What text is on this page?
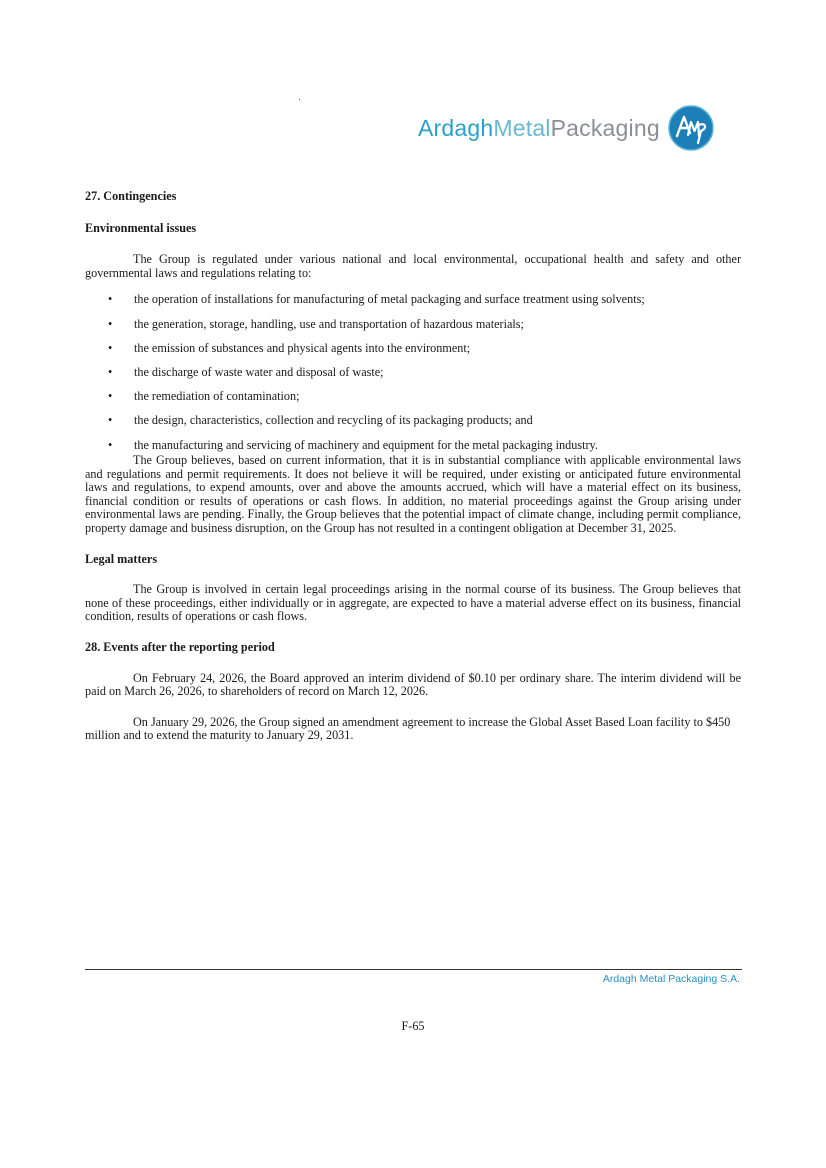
ArdaghMetalPackaging

27. Contingencies

Environmental issues

The Group is regulated under various national and local environmental, occupational health and safety and other governmental laws and regulations relating to:

• the operation of installations for manufacturing of metal packaging and surface treatment using solvents;
• the generation, storage, handling, use and transportation of hazardous materials;
• the emission of substances and physical agents into the environment;
• the discharge of waste water and disposal of waste;
• the remediation of contamination;
• the design, characteristics, collection and recycling of its packaging products; and
• the manufacturing and servicing of machinery and equipment for the metal packaging industry.

The Group believes, based on current information, that it is in substantial compliance with applicable environmental laws and regulations and permit requirements. It does not believe it will be required, under existing or anticipated future environmental laws and regulations, to expend amounts, over and above the amounts accrued, which will have a material effect on its business, financial condition or results of operations or cash flows. In addition, no material proceedings against the Group arising under environmental laws are pending. Finally, the Group believes that the potential impact of climate change, including permit compliance, property damage and business disruption, on the Group has not resulted in a contingent obligation at December 31, 2025.

Legal matters

The Group is involved in certain legal proceedings arising in the normal course of its business. The Group believes that none of these proceedings, either individually or in aggregate, are expected to have a material adverse effect on its business, financial condition, results of operations or cash flows.

28. Events after the reporting period

On February 24, 2026, the Board approved an interim dividend of $0.10 per ordinary share. The interim dividend will be paid on March 26, 2026, to shareholders of record on March 12, 2026.

On January 29, 2026, the Group signed an amendment agreement to increase the Global Asset Based Loan facility to $450 million and to extend the maturity to January 29, 2031.

Ardagh Metal Packaging S.A.
F-65
